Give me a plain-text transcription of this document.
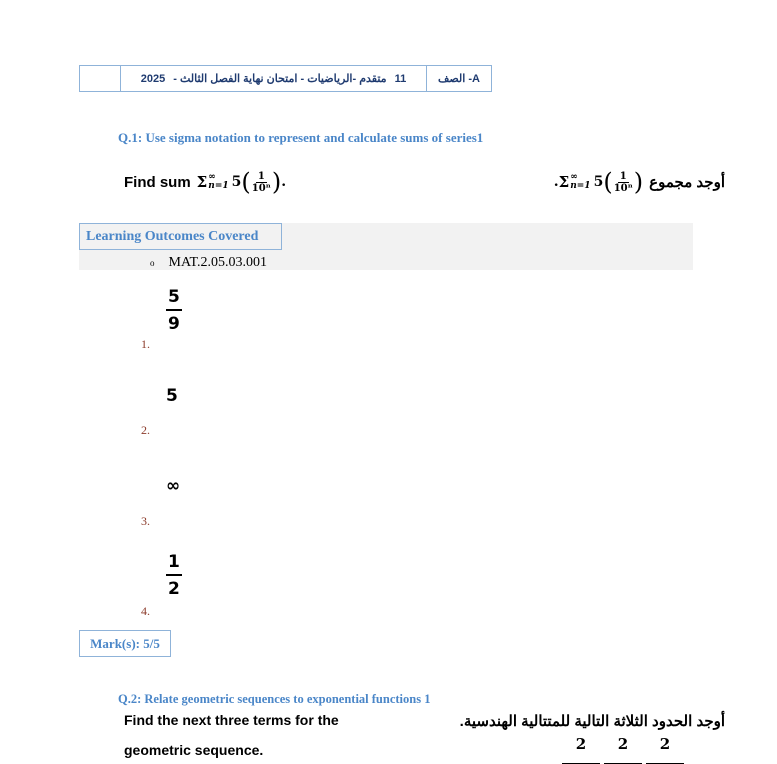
2025 متقدم -الرياضيات - امتحان نهاية الفصل الثالث - 11	A- الصف
Q.1: Use sigma notation to represent and calculate sums of series1
Find sum Σ ∞
n=1 5 ( $\frac{1}{\text{10ⁿ}}$ ) .	. Σ ∞
n=1 5 ( $\frac{1}{\text{10ⁿ}}$ ) أوجد مجموع
Learning Outcomes Covered
o MAT.2.05.03.001
$\frac{5}{9}$
1.
5
2.
∞
3.
$\frac{1}{2}$
4.
Mark(s): 5/5
Q.2: Relate geometric sequences to exponential functions 1
Find the next three terms for the
geometric sequence.
أوجد الحدود الثلاثة التالية للمتتالية الهندسية.
2	2	2
